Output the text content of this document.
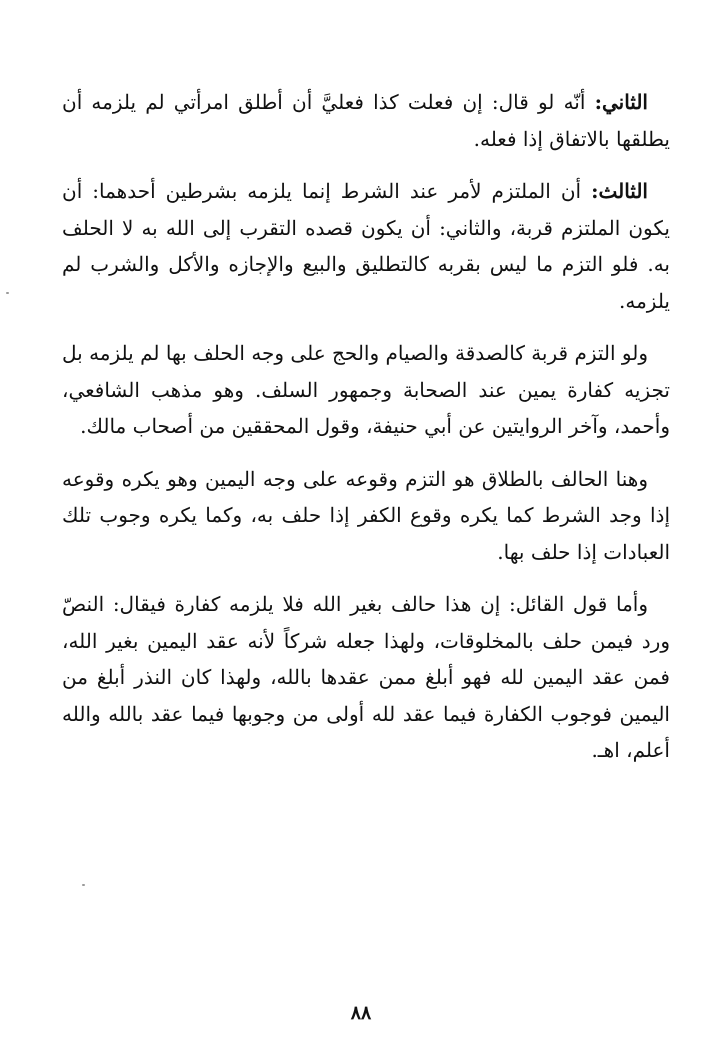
الثاني: أنّه لو قال: إن فعلت كذا فعليَّ أن أطلق امرأتي لم يلزمه أن يطلقها بالاتفاق إذا فعله.

الثالث: أن الملتزم لأمر عند الشرط إنما يلزمه بشرطين أحدهما: أن يكون الملتزم قربة، والثاني: أن يكون قصده التقرب إلى الله به لا الحلف به. فلو التزم ما ليس بقربه كالتطليق والبيع والإجازه والأكل والشرب لم يلزمه.

ولو التزم قربة كالصدقة والصيام والحج على وجه الحلف بها لم يلزمه بل تجزيه كفارة يمين عند الصحابة وجمهور السلف. وهو مذهب الشافعي، وأحمد، وآخر الروايتين عن أبي حنيفة، وقول المحققين من أصحاب مالك.

وهنا الحالف بالطلاق هو التزم وقوعه على وجه اليمين وهو يكره وقوعه إذا وجد الشرط كما يكره وقوع الكفر إذا حلف به، وكما يكره وجوب تلك العبادات إذا حلف بها.

وأما قول القائل: إن هذا حالف بغير الله فلا يلزمه كفارة فيقال: النصّ ورد فيمن حلف بالمخلوقات، ولهذا جعله شركاً لأنه عقد اليمين بغير الله، فمن عقد اليمين لله فهو أبلغ ممن عقدها بالله، ولهذا كان النذر أبلغ من اليمين فوجوب الكفارة فيما عقد لله أولى من وجوبها فيما عقد بالله والله أعلم، اهـ.

٨٨
